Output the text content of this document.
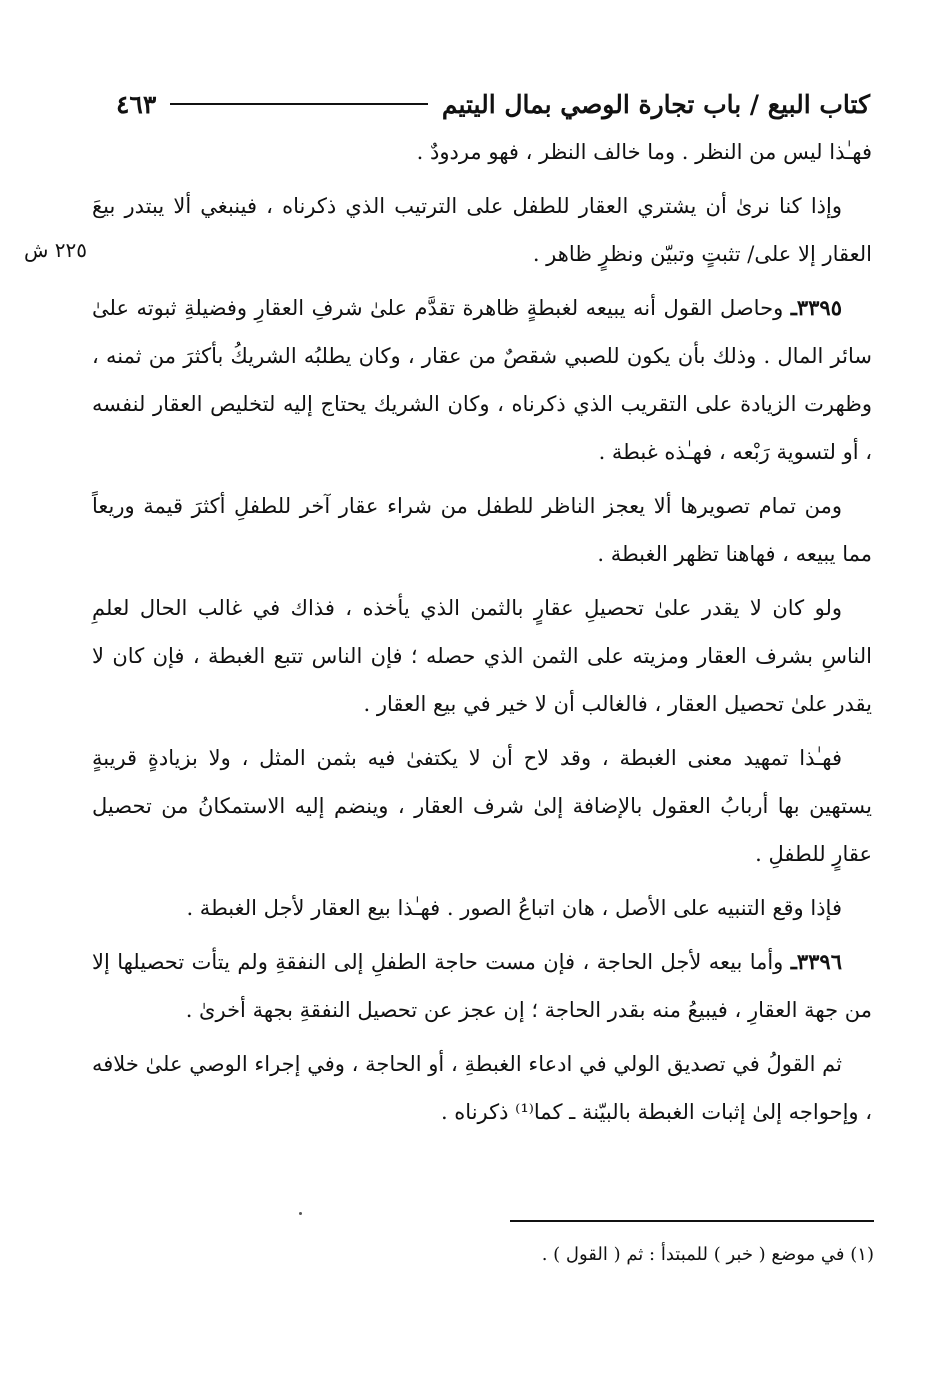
كتاب البيع / باب تجارة الوصي بمال اليتيم
٤٦٣
٢٢٥ ش

فهـٰذا ليس من النظر . وما خالف النظر ، فهو مردودٌ .

وإذا كنا نرىٰ أن يشتري العقار للطفل على الترتيب الذي ذكرناه ، فينبغي ألا يبتدر بيعَ العقار إلا على/ تثبتٍ وتبيّن ونظرٍ ظاهر .

٣٣٩٥ـ وحاصل القول أنه يبيعه لغبطةٍ ظاهرة تقدَّم علىٰ شرفِ العقارِ وفضيلةِ ثبوته علىٰ سائر المال . وذلك بأن يكون للصبي شقصٌ من عقار ، وكان يطلبُه الشريكُ بأكثرَ من ثمنه ، وظهرت الزيادة على التقريب الذي ذكرناه ، وكان الشريك يحتاج إليه لتخليص العقار لنفسه ، أو لتسوية رَبْعه ، فهـٰذه غبطة .

ومن تمام تصويرها ألا يعجز الناظر للطفل من شراء عقار آخر للطفلِ أكثرَ قيمة وريعاً مما يبيعه ، فهاهنا تظهر الغبطة .

ولو كان لا يقدر علىٰ تحصيلِ عقارٍ بالثمن الذي يأخذه ، فذاك في غالب الحال لعلمِ الناسِ بشرف العقار ومزيته على الثمن الذي حصله ؛ فإن الناس تتبع الغبطة ، فإن كان لا يقدر علىٰ تحصيل العقار ، فالغالب أن لا خير في بيع العقار .

فهـٰذا تمهيد معنى الغبطة ، وقد لاح أن لا يكتفىٰ فيه بثمن المثل ، ولا بزيادةٍ قريبةٍ يستهين بها أربابُ العقول بالإضافة إلىٰ شرف العقار ، وينضم إليه الاستمكانُ من تحصيل عقارٍ للطفلِ .

فإذا وقع التنبيه على الأصل ، هان اتباعُ الصور . فهـٰذا بيع العقار لأجل الغبطة .

٣٣٩٦ـ وأما بيعه لأجل الحاجة ، فإن مست حاجة الطفلِ إلى النفقةِ ولم يتأت تحصيلها إلا من جهة العقارِ ، فيبيعُ منه بقدر الحاجة ؛ إن عجز عن تحصيل النفقةِ بجهة أخرىٰ .

ثم القولُ في تصديق الولي في ادعاء الغبطةِ ، أو الحاجة ، وفي إجراء الوصي علىٰ خلافه ، وإحواجه إلىٰ إثبات الغبطة بالبيّنة ـ كما⁽¹⁾ ذكرناه .

(١) في موضع ( خبر ) للمبتدأ : ثم ( القول ) .
